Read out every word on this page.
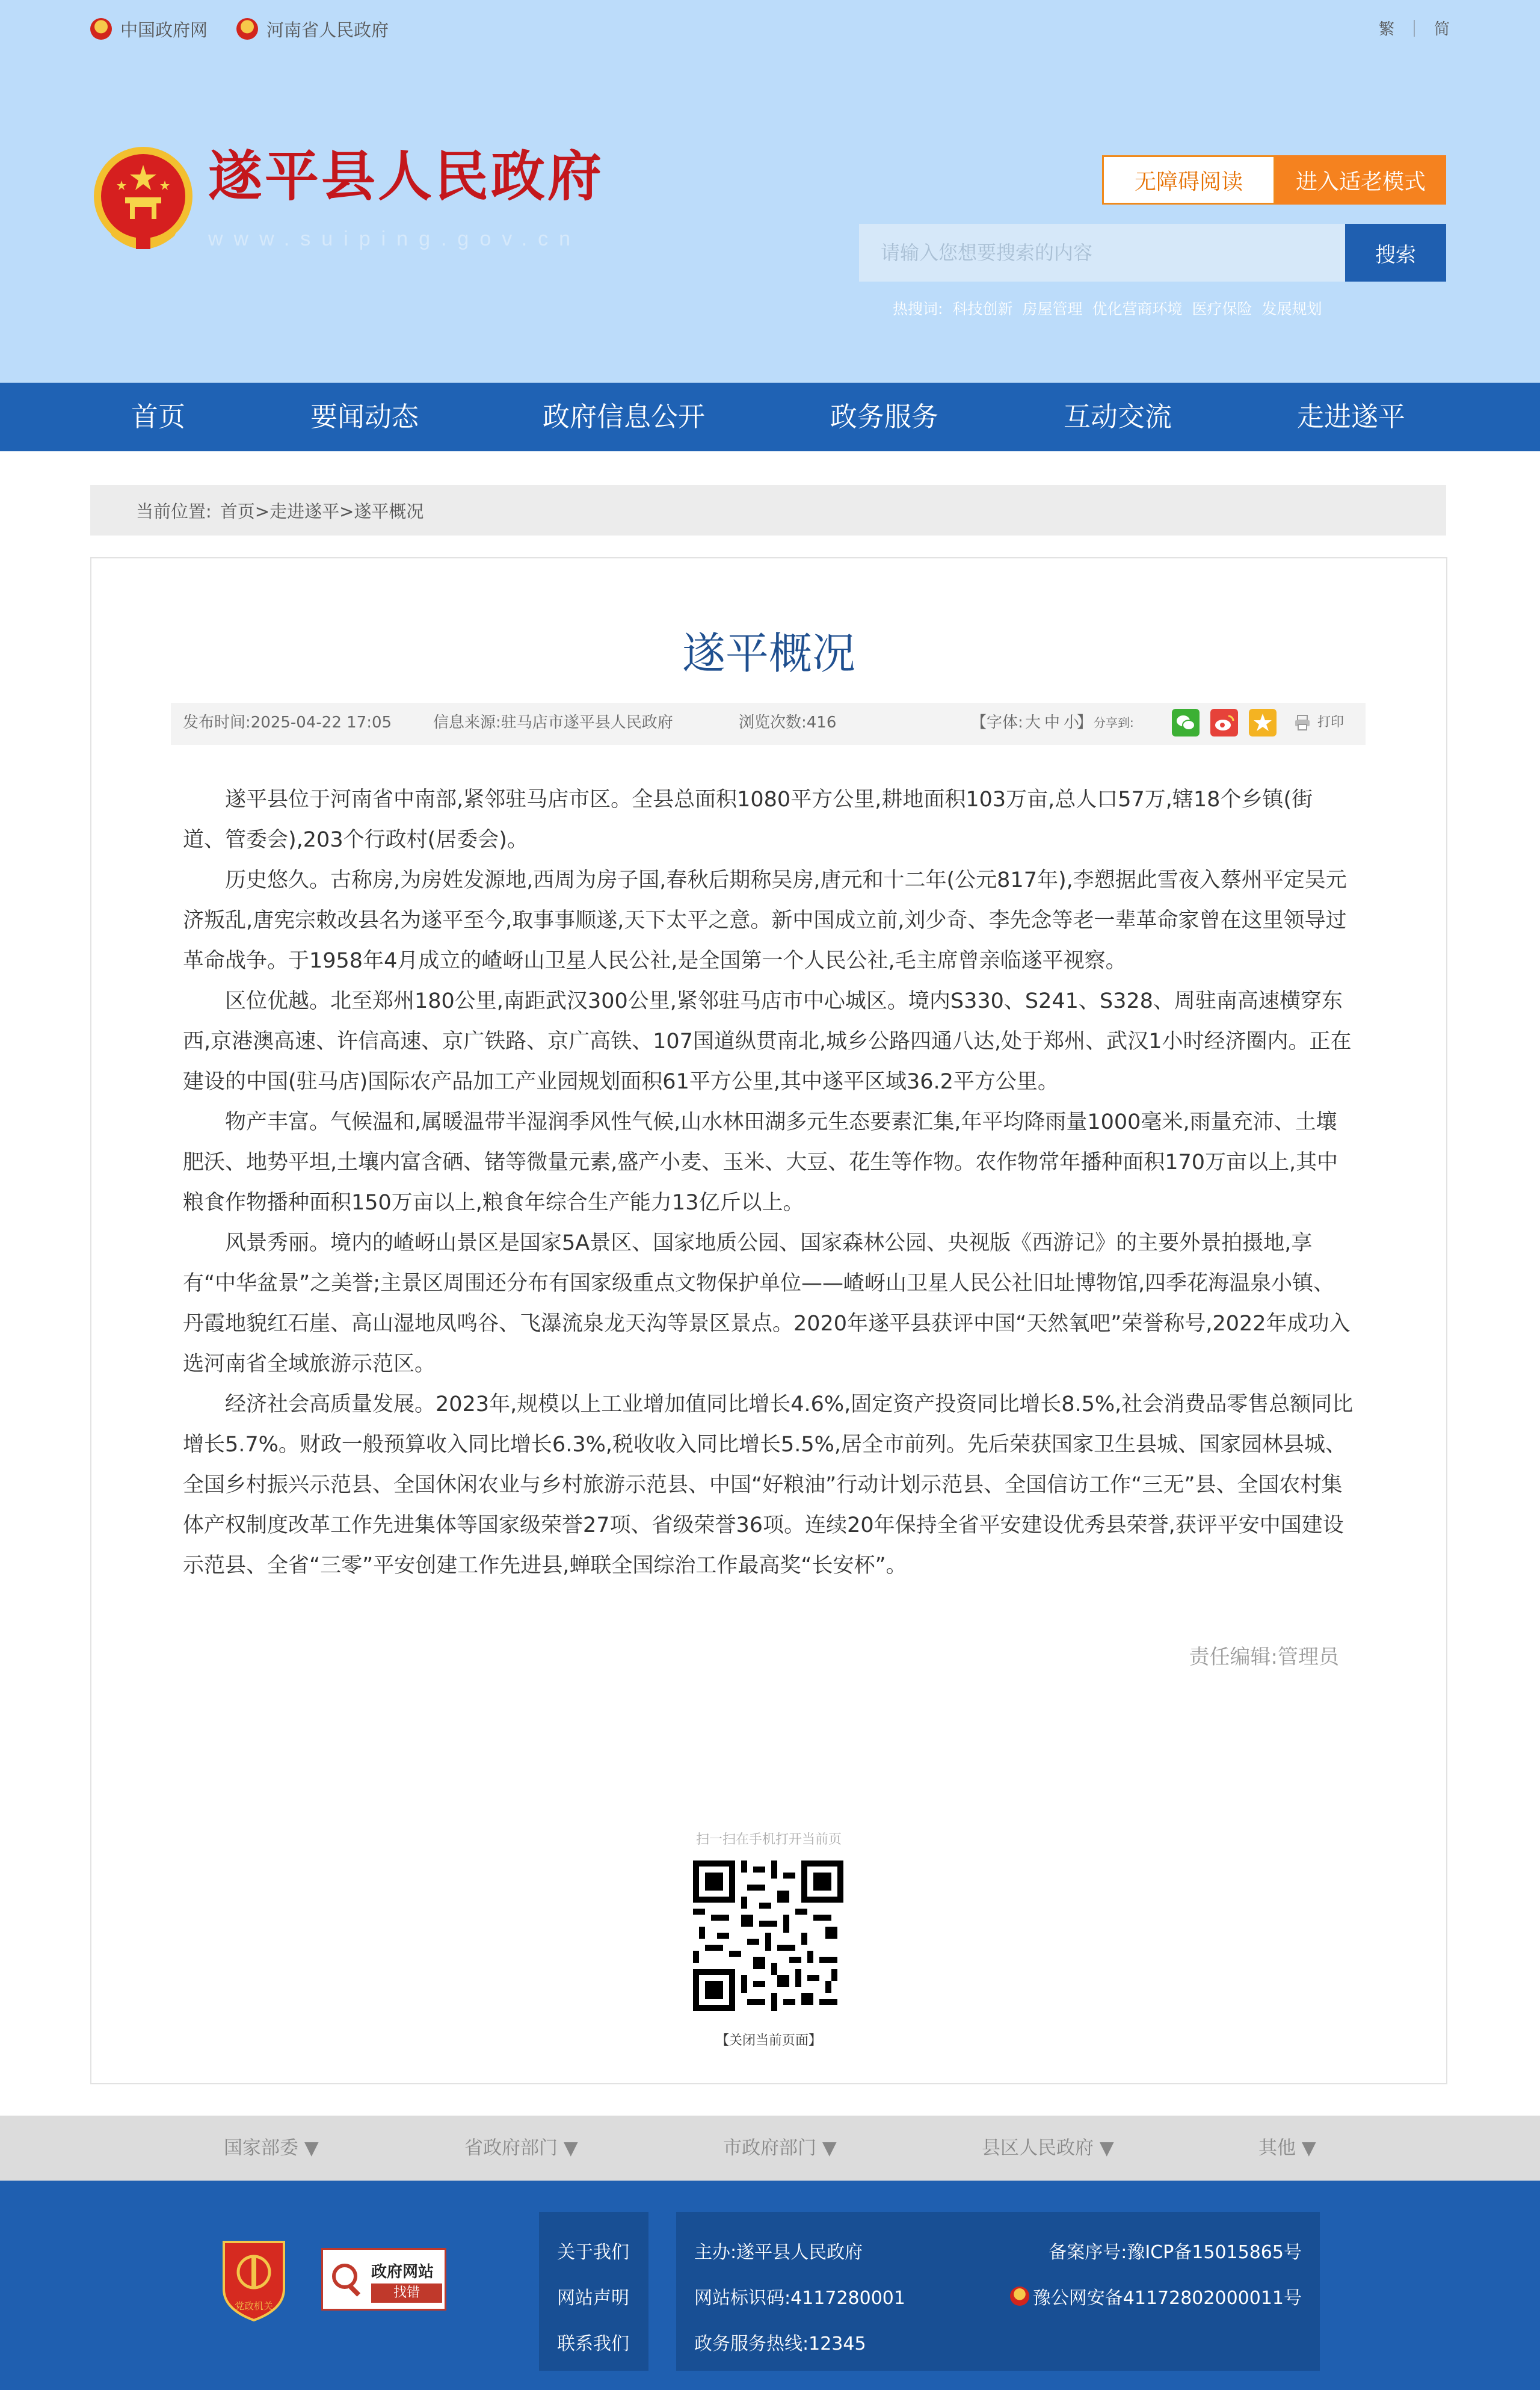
中国政府网	河南省人民政府	繁	简
遂平县人民政府
www.suiping.gov.cn
无障碍阅读	进入适老模式
请输入您想要搜索的内容
搜索
热搜词: 科技创新 房屋管理 优化营商环境 医疗保险 发展规划
首页	要闻动态	政府信息公开	政务服务	互动交流	走进遂平
当前位置: 首页>走进遂平>遂平概况
遂平概况
发布时间:2025-04-22 17:05	信息来源:驻马店市遂平县人民政府	浏览次数:416	【字体: 大 中 小
】 分享到:	打印

遂平县位于河南省中南部,紧邻驻马店市区。全县总面积1080平方公里,耕地面积103万亩,总人口57万,辖18个乡镇(街道、管委会),203个行政村(居委会)。

历史悠久。古称房,为房姓发源地,西周为房子国,春秋后期称吴房,唐元和十二年(公元817年),李愬据此雪夜入蔡州平定吴元济叛乱,唐宪宗敕改县名为遂平至今,取事事顺遂,天下太平之意。新中国成立前,刘少奇、李先念等老一辈革命家曾在这里领导过革命战争。于1958年4月成立的嵖岈山卫星人民公社,是全国第一个人民公社,毛主席曾亲临遂平视察。

区位优越。北至郑州180公里,南距武汉300公里,紧邻驻马店市中心城区。境内S330、S241、S328、周驻南高速横穿东西,京港澳高速、许信高速、京广铁路、京广高铁、107国道纵贯南北,城乡公路四通八达,处于郑州、武汉1小时经济圈内。正在建设的中国(驻马店)国际农产品加工产业园规划面积61平方公里,其中遂平区域36.2平方公里。

物产丰富。气候温和,属暖温带半湿润季风性气候,山水林田湖多元生态要素汇集,年平均降雨量1000毫米,雨量充沛、土壤肥沃、地势平坦,土壤内富含硒、锗等微量元素,盛产小麦、玉米、大豆、花生等作物。农作物常年播种面积170万亩以上,其中粮食作物播种面积150万亩以上,粮食年综合生产能力13亿斤以上。

风景秀丽。境内的嵖岈山景区是国家5A景区、国家地质公园、国家森林公园、央视版《西游记》的主要外景拍摄地,享有“中华盆景”之美誉;主景区周围还分布有国家级重点文物保护单位——嵖岈山卫星人民公社旧址博物馆,四季花海温泉小镇、丹霞地貌红石崖、高山湿地凤鸣谷、飞瀑流泉龙天沟等景区景点。2020年遂平县获评中国“天然氧吧”荣誉称号,2022年成功入选河南省全域旅游示范区。

经济社会高质量发展。2023年,规模以上工业增加值同比增长4.6%,固定资产投资同比增长8.5%,社会消费品零售总额同比增长5.7%。财政一般预算收入同比增长6.3%,税收收入同比增长5.5%,居全市前列。先后荣获国家卫生县城、国家园林县城、全国乡村振兴示范县、全国休闲农业与乡村旅游示范县、中国“好粮油”行动计划示范县、全国信访工作“三无”县、全国农村集体产权制度改革工作先进集体等国家级荣誉27项、省级荣誉36项。连续20年保持全省平安建设优秀县荣誉,获评平安中国建设示范县、全省“三零”平安创建工作先进县,蝉联全国综治工作最高奖“长安杯”。

责任编辑:管理员
扫一扫在手机打开当前页
【关闭当前页面】
国家部委 ▼	省政府部门 ▼	市政府部门 ▼	县区人民政府 ▼	其他 ▼
党政机关
政府网站
找错
关于我们
网站声明
联系我们
主办:遂平县人民政府
网站标识码:4117280001
政务服务热线:12345
备案序号:豫ICP备15015865号
豫公网安备41172802000011号
